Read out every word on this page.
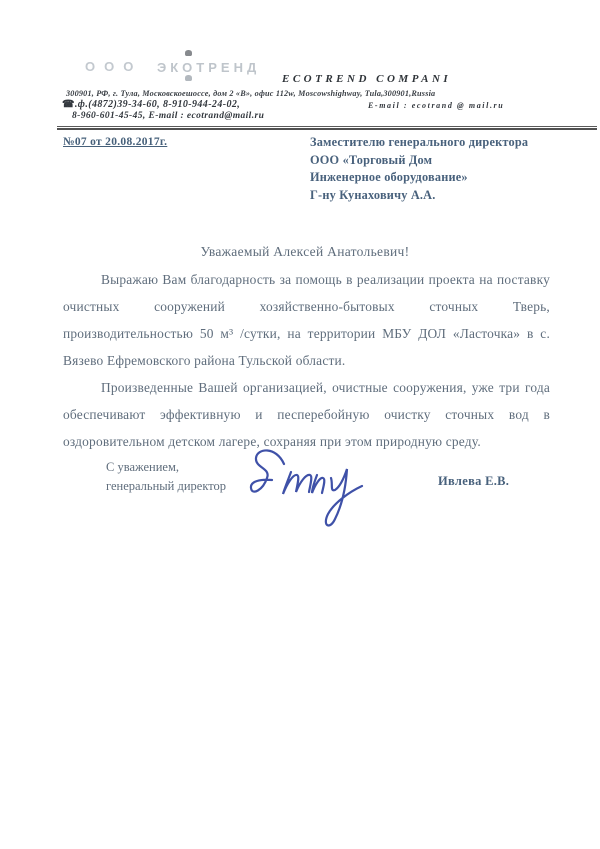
ООО ЭКОТРЕНД
ECOTREND COMPANI
300901, РФ, г. Тула, Московскоешоссе, дом 2 «В», офис 112w, Moscowshighway, Tula,300901,Russia
☎.ф.(4872)39-34-60, 8-910-944-24-02,	E-mail : ecotrand @ mail.ru
8-960-601-45-45, E-mail : ecotrand@mail.ru
№07 от 20.08.2017г.	Заместителю генерального директора
ООО «Торговый Дом
Инженерное оборудование»
Г-ну Кунаховичу А.А.
Уважаемый Алексей Анатольевич!

Выражаю Вам благодарность за помощь в реализации проекта на поставку очистных сооружений хозяйственно-бытовых сточных Тверь, производительностью 50 м³ /сутки, на территории МБУ ДОЛ «Ласточка» в с. Вязево Ефремовского района Тульской области.

Произведенные Вашей организацией, очистные сооружения, уже три года обеспечивают эффективную и песперебойную очистку сточных вод в оздоровительном детском лагере, сохраняя при этом природную среду.

С уважением,
генеральный директор	Ивлева Е.В.
